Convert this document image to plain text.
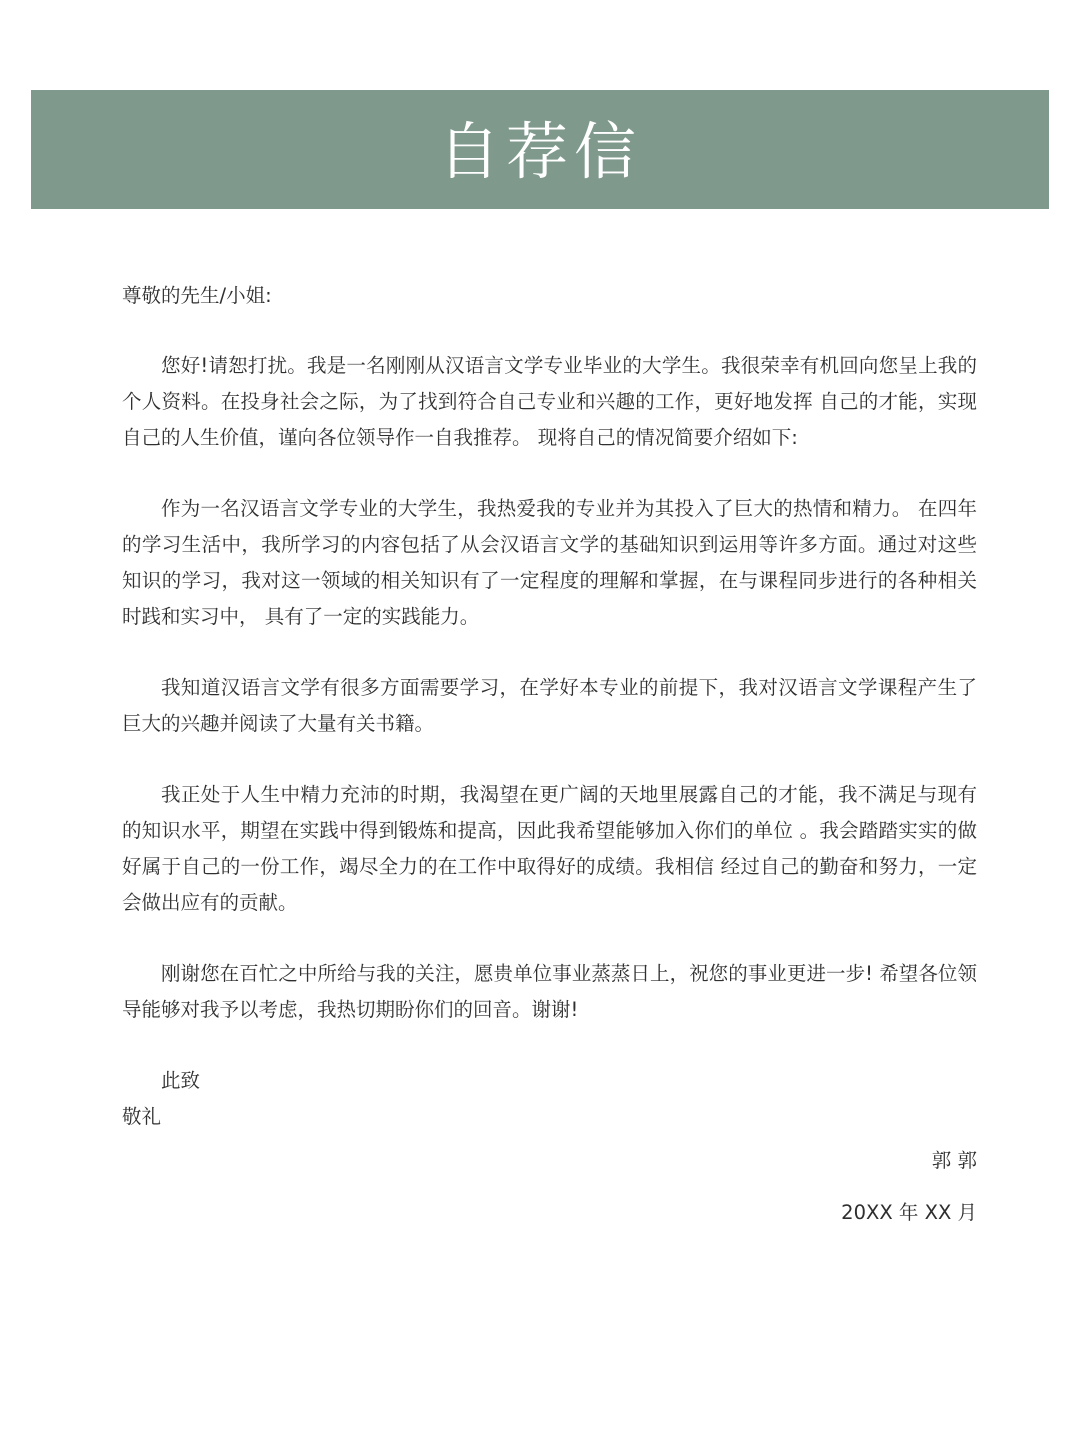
自荐信

尊敬的先生/小姐:

您好!请恕打扰。我是一名刚刚从汉语言文学专业毕业的大学生。我很荣幸有机回向您呈上我的个人资料。在投身社会之际，为了找到符合自己专业和兴趣的工作，更好地发挥 自己的才能，实现自己的人生价值，谨向各位领导作一自我推荐。 现将自己的情况简要介绍如下:

作为一名汉语言文学专业的大学生，我热爱我的专业并为其投入了巨大的热情和精力。 在四年的学习生活中，我所学习的内容包括了从会汉语言文学的基础知识到运用等许多方面。通过对这些知识的学习，我对这一领域的相关知识有了一定程度的理解和掌握，在与课程同步进行的各种相关时践和实习中， 具有了一定的实践能力。

我知道汉语言文学有很多方面需要学习，在学好本专业的前提下，我对汉语言文学课程产生了巨大的兴趣并阅读了大量有关书籍。

我正处于人生中精力充沛的时期，我渴望在更广阔的天地里展露自己的才能，我不满足与现有的知识水平，期望在实践中得到锻炼和提高，因此我希望能够加入你们的单位 。我会踏踏实实的做好属于自己的一份工作，竭尽全力的在工作中取得好的成绩。我相信 经过自己的勤奋和努力，一定会做出应有的贡献。

刚谢您在百忙之中所给与我的关注，愿贵单位事业蒸蒸日上，祝您的事业更进一步! 希望各位领导能够对我予以考虑，我热切期盼你们的回音。谢谢!

此致

敬礼

郭 郭

20XX 年 XX 月
